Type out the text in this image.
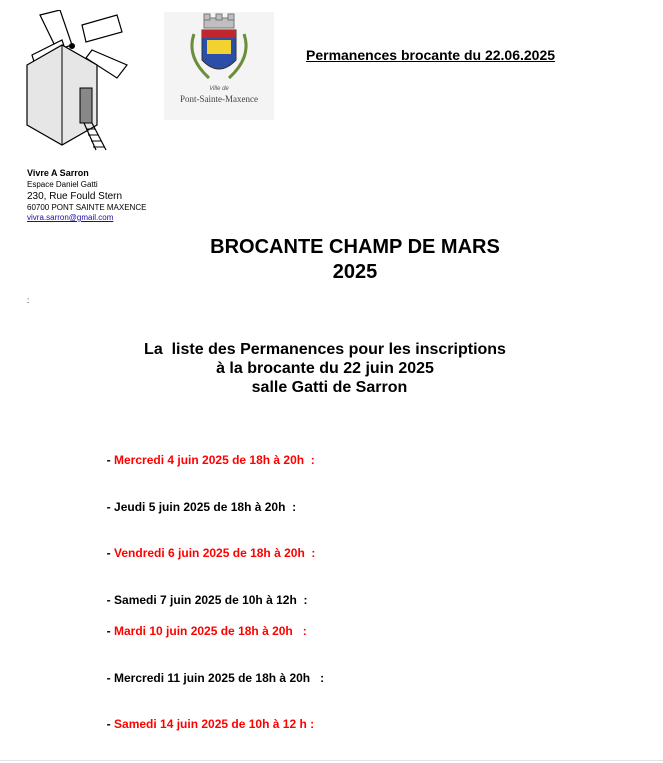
Ville de
Pont-Sainte-Maxence
Permanences brocante du 22.06.2025
Vivre A Sarron
Espace Daniel Gatti
230, Rue Fould Stern
60700 PONT SAINTE MAXENCE
vivra.sarron@gmail.com
BROCANTE CHAMP DE MARS
2025
:
La  liste des Permanences pour les inscriptions
à la brocante du 22 juin 2025
salle Gatti de Sarron

- Mercredi 4 juin 2025 de 18h à 20h  :

- Jeudi 5 juin 2025 de 18h à 20h  :

- Vendredi 6 juin 2025 de 18h à 20h  :

- Samedi 7 juin 2025 de 10h à 12h  :

- Mardi 10 juin 2025 de 18h à 20h   :

- Mercredi 11 juin 2025 de 18h à 20h   :

- Samedi 14 juin 2025 de 10h à 12 h :
